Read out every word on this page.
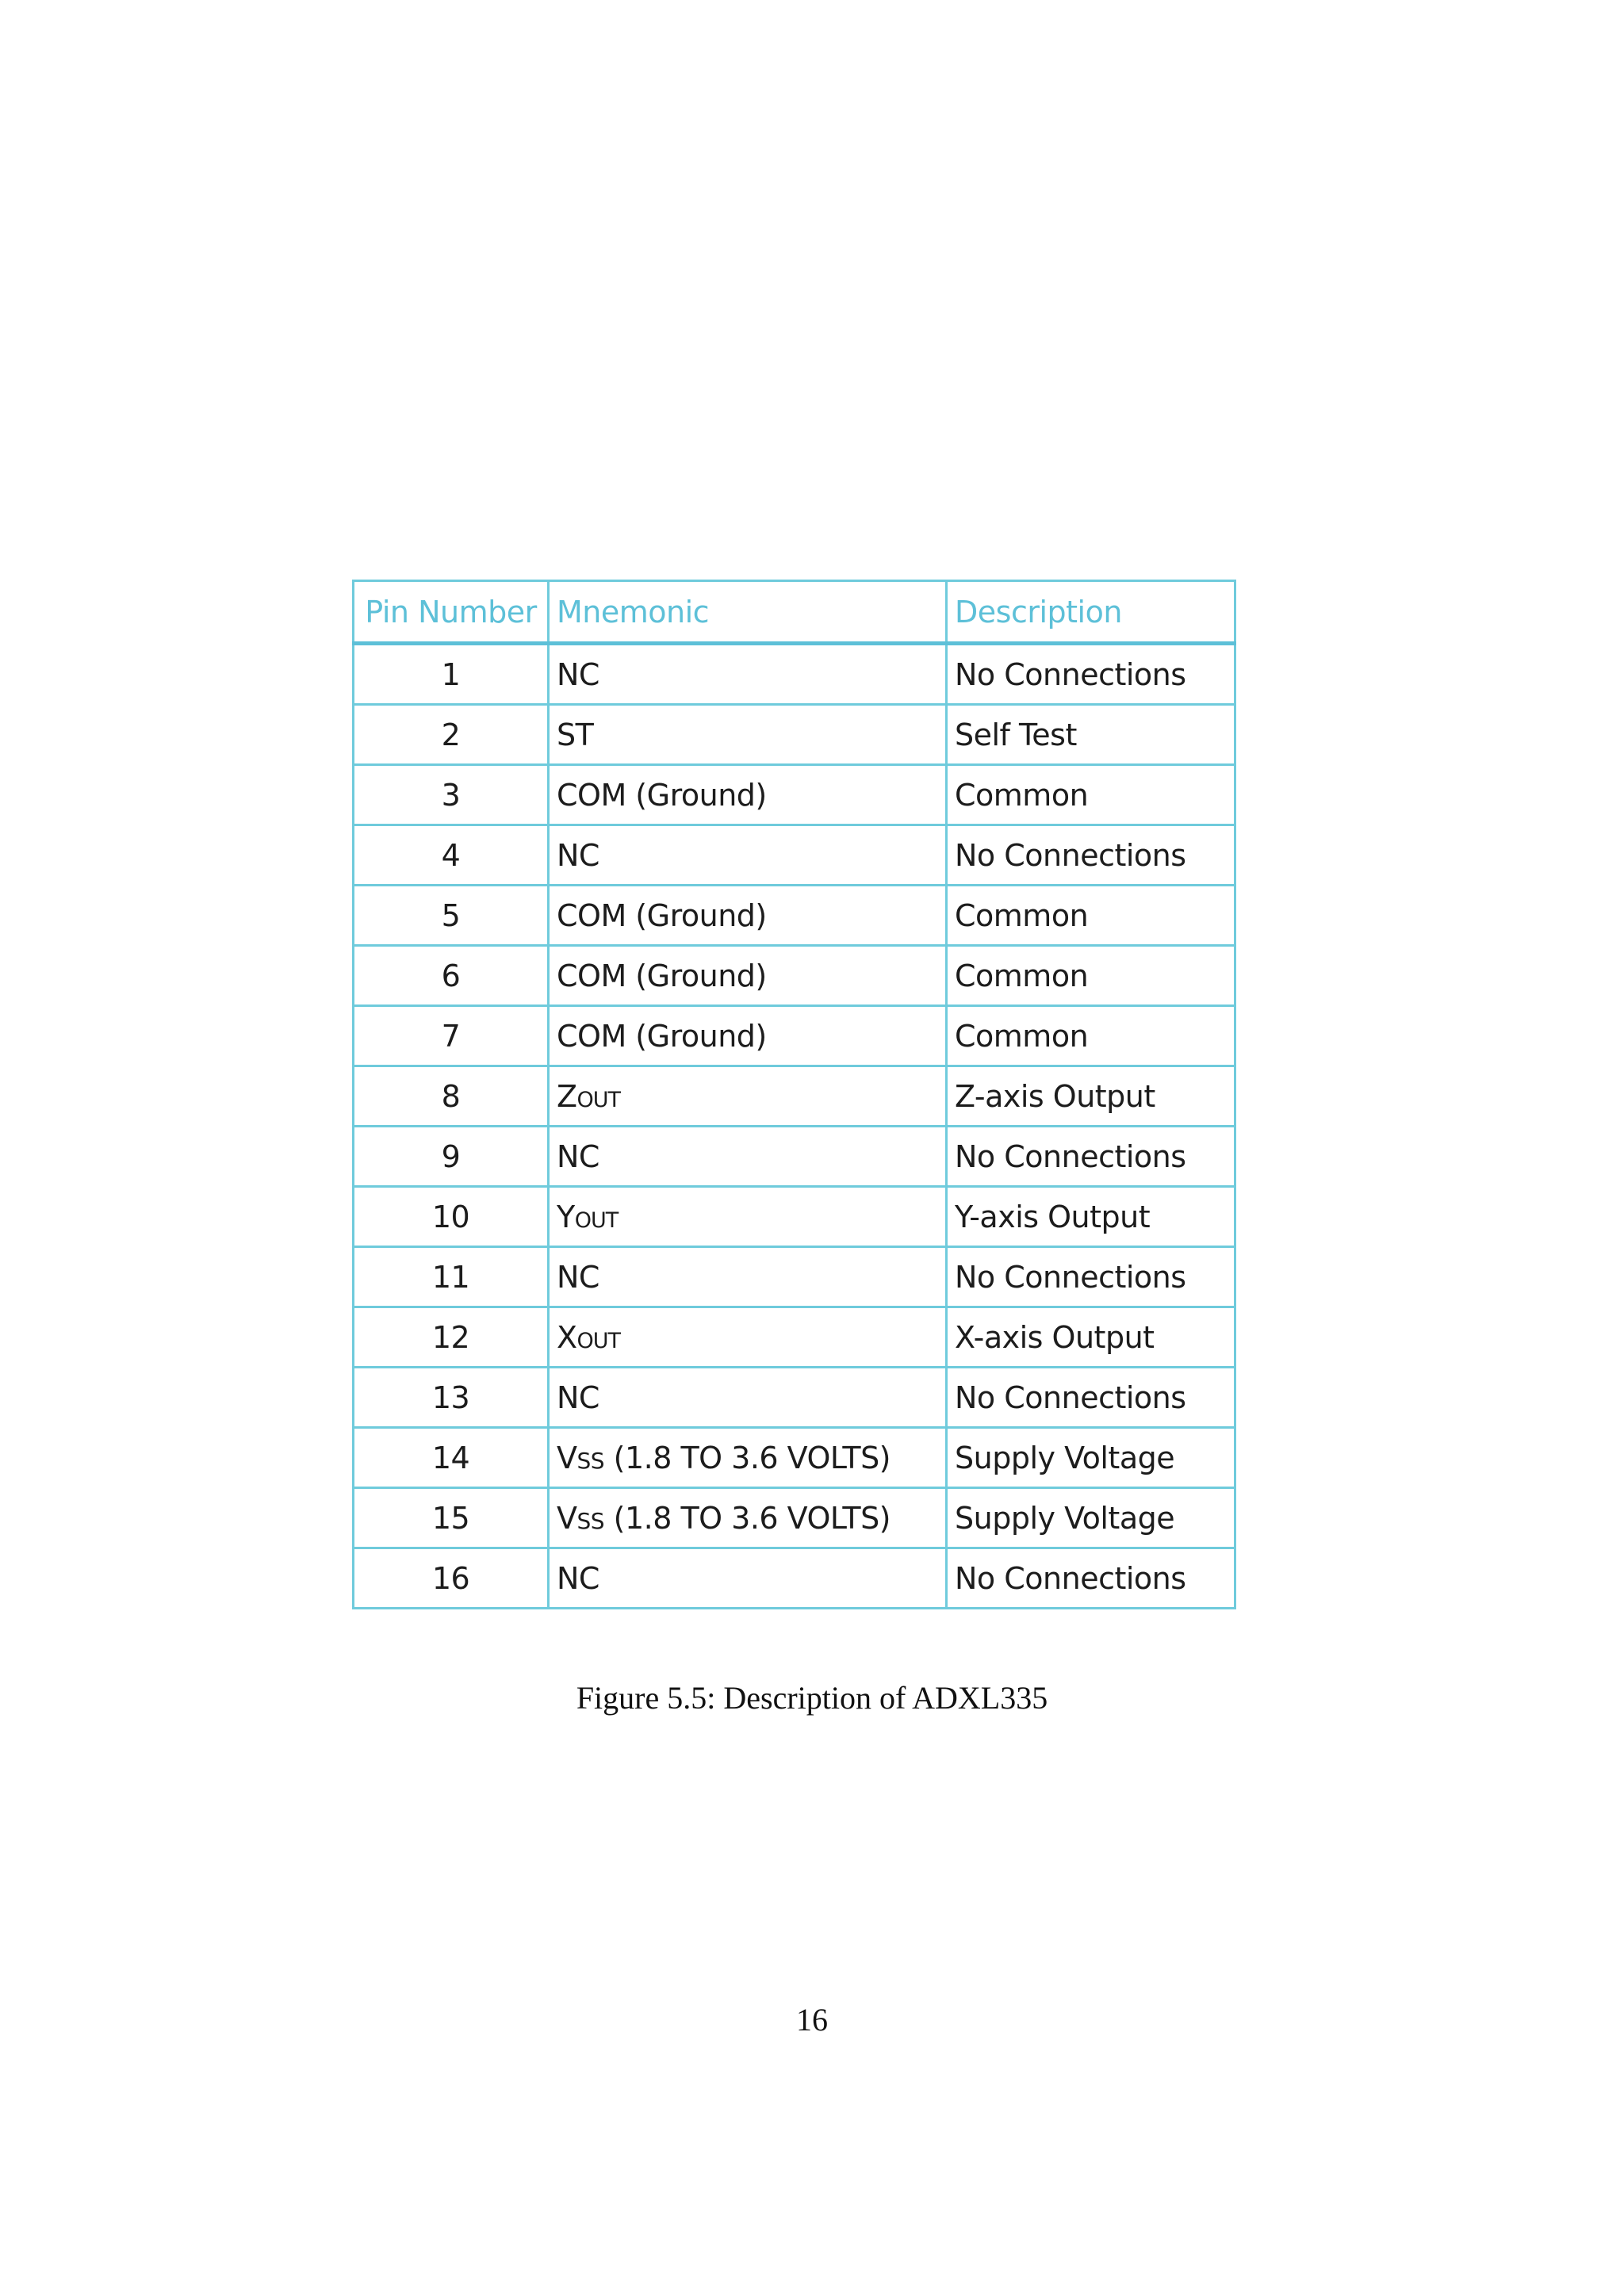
Pin Number	Mnemonic	Description
1	NC	No Connections
2	ST	Self Test
3	COM (Ground)	Common
4	NC	No Connections
5	COM (Ground)	Common
6	COM (Ground)	Common
7	COM (Ground)	Common
8	ZOUT	Z-axis Output
9	NC	No Connections
10	YOUT	Y-axis Output
11	NC	No Connections
12	XOUT	X-axis Output
13	NC	No Connections
14	VSS (1.8 TO 3.6 VOLTS)	Supply Voltage
15	VSS (1.8 TO 3.6 VOLTS)	Supply Voltage
16	NC	No Connections
Figure 5.5: Description of ADXL335
16
